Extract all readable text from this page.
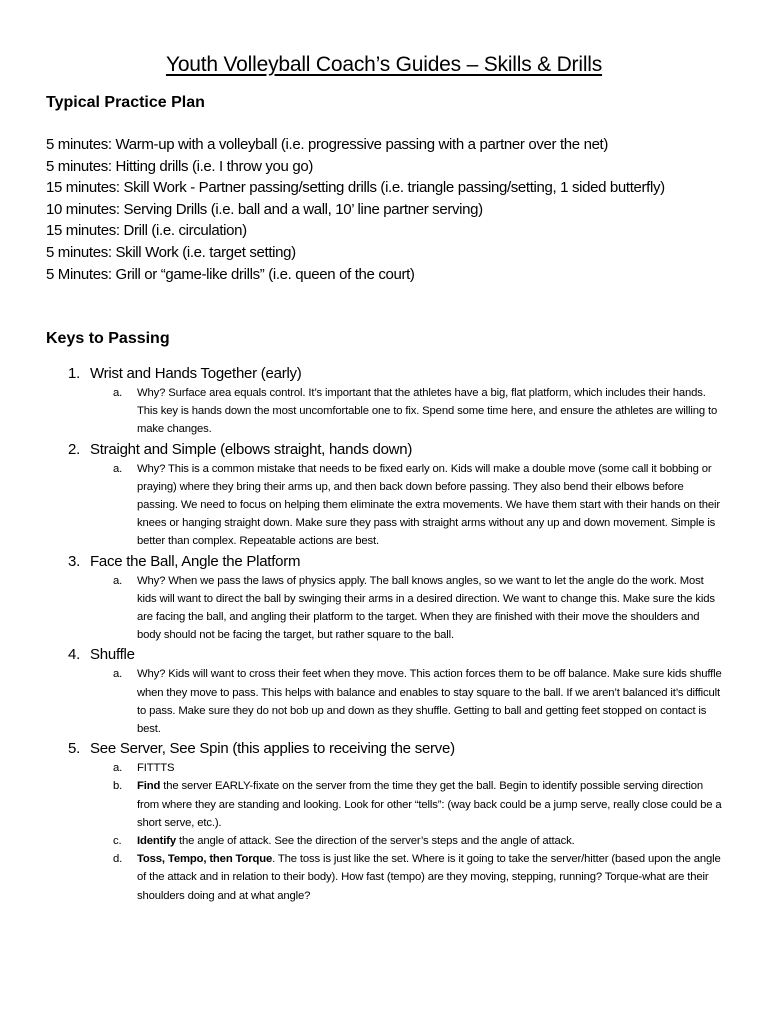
Youth Volleyball Coach’s Guides – Skills & Drills
Typical Practice Plan
5 minutes: Warm-up with a volleyball (i.e. progressive passing with a partner over the net)
5 minutes: Hitting drills (i.e. I throw you go)
15 minutes: Skill Work - Partner passing/setting drills (i.e. triangle passing/setting, 1 sided butterfly)
10 minutes: Serving Drills (i.e. ball and a wall, 10’ line partner serving)
15 minutes: Drill (i.e. circulation)
5 minutes: Skill Work (i.e. target setting)
5 Minutes: Grill or “game-like drills” (i.e. queen of the court)
Keys to Passing
1. Wrist and Hands Together (early)
a. Why? Surface area equals control. It’s important that the athletes have a big, flat platform, which includes their hands. This key is hands down the most uncomfortable one to fix. Spend some time here, and ensure the athletes are willing to make changes.
2. Straight and Simple (elbows straight, hands down)
a. Why? This is a common mistake that needs to be fixed early on. Kids will make a double move (some call it bobbing or praying) where they bring their arms up, and then back down before passing. They also bend their elbows before passing. We need to focus on helping them eliminate the extra movements. We have them start with their hands on their knees or hanging straight down. Make sure they pass with straight arms without any up and down movement. Simple is better than complex. Repeatable actions are best.
3. Face the Ball, Angle the Platform
a. Why? When we pass the laws of physics apply. The ball knows angles, so we want to let the angle do the work. Most kids will want to direct the ball by swinging their arms in a desired direction. We want to change this. Make sure the kids are facing the ball, and angling their platform to the target. When they are finished with their move the shoulders and body should not be facing the target, but rather square to the ball.
4. Shuffle
a. Why? Kids will want to cross their feet when they move. This action forces them to be off balance. Make sure kids shuffle when they move to pass. This helps with balance and enables to stay square to the ball. If we aren’t balanced it’s difficult to pass. Make sure they do not bob up and down as they shuffle. Getting to ball and getting feet stopped on contact is best.
5. See Server, See Spin (this applies to receiving the serve)
a. FITTTS
b. Find the server EARLY-fixate on the server from the time they get the ball. Begin to identify possible serving direction from where they are standing and looking. Look for other “tells”: (way back could be a jump serve, really close could be a short serve, etc.).
c. Identify the angle of attack. See the direction of the server’s steps and the angle of attack.
d. Toss, Tempo, then Torque. The toss is just like the set. Where is it going to take the server/hitter (based upon the angle of the attack and in relation to their body). How fast (tempo) are they moving, stepping, running? Torque-what are their shoulders doing and at what angle?
